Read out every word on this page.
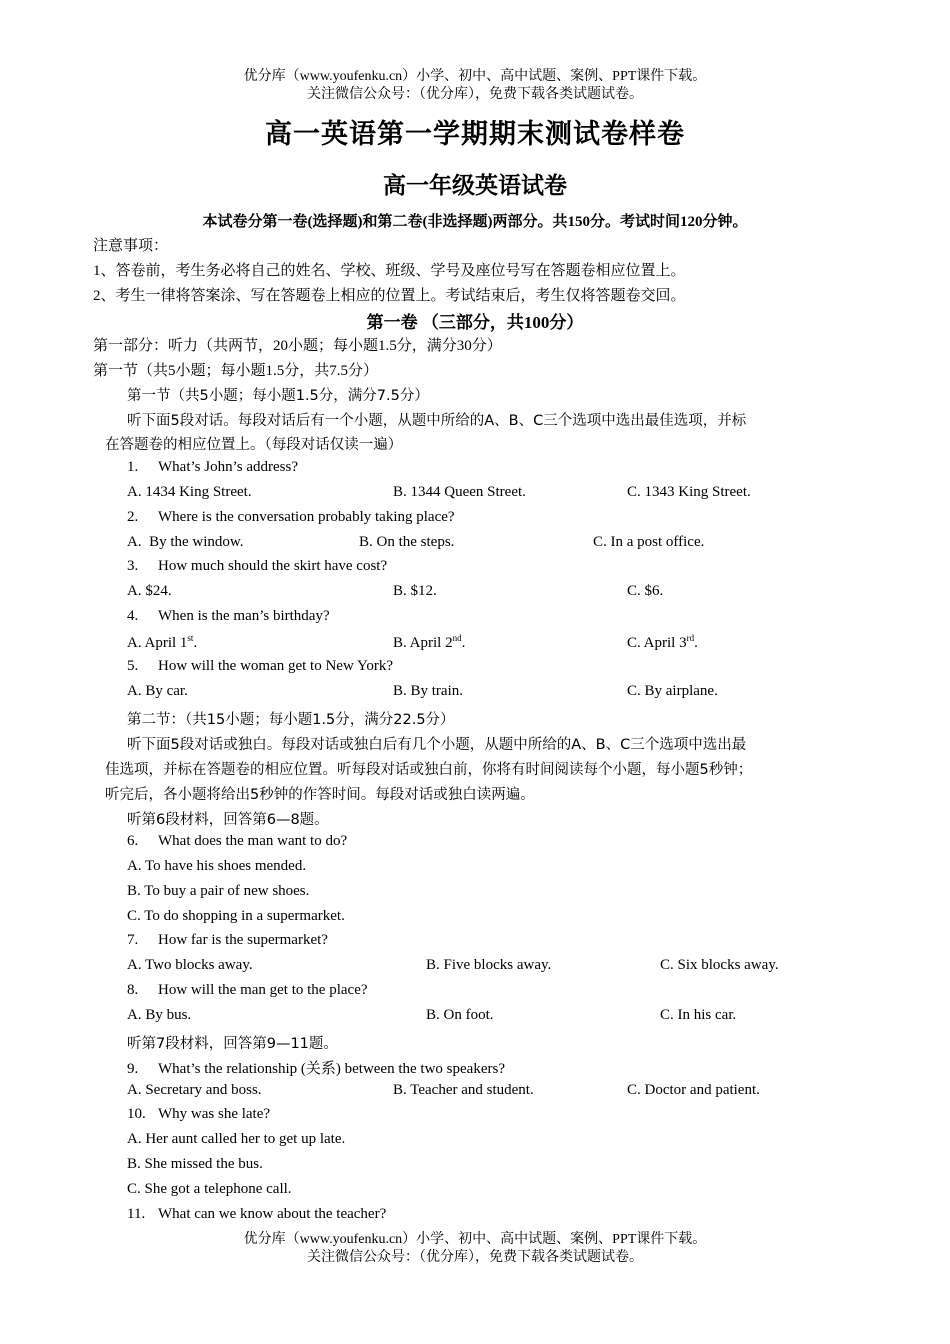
优分库（www.youfenku.cn）小学、初中、高中试题、案例、PPT课件下载。
关注微信公众号：（优分库），免费下载各类试题试卷。
高一英语第一学期期末测试卷样卷
高一年级英语试卷
本试卷分第一卷(选择题)和第二卷(非选择题)两部分。共150分。考试时间120分钟。
注意事项：
1、答卷前，考生务必将自己的姓名、学校、班级、学号及座位号写在答题卷相应位置上。
2、考生一律将答案涂、写在答题卷上相应的位置上。考试结束后，考生仅将答题卷交回。
第一卷 （三部分，共100分）
第一部分：听力（共两节，20小题；每小题1.5分，满分30分）
第一节（共5小题；每小题1.5分，共7.5分）
第一节（共5小题；每小题1.5分，满分7.5分）
听下面5段对话。每段对话后有一个小题，从题中所给的A、B、C三个选项中选出最佳选项，并标
在答题卷的相应位置上。（每段对话仅读一遍）
1. What’s John’s address?
A. 1434 King Street.	B. 1344 Queen Street.	C. 1343 King Street.
2. Where is the conversation probably taking place?
A.  By the window.	B. On the steps.	C. In a post office.
3. How much should the skirt have cost?
A. $24.	B. $12.	C. $6.
4. When is the man’s birthday?
A. April 1st.	B. April 2nd.	C. April 3rd.
5. How will the woman get to New York?
A. By car.	B. By train.	C. By airplane.
第二节：（共15小题；每小题1.5分，满分22.5分）
听下面5段对话或独白。每段对话或独白后有几个小题，从题中所给的A、B、C三个选项中选出最
佳选项，并标在答题卷的相应位置。听每段对话或独白前，你将有时间阅读每个小题，每小题5秒钟；
听完后，各小题将给出5秒钟的作答时间。每段对话或独白读两遍。
听第6段材料，回答第6—8题。
6. What does the man want to do?
A. To have his shoes mended.
B. To buy a pair of new shoes.
C. To do shopping in a supermarket.
7. How far is the supermarket?
A. Two blocks away.	B. Five blocks away.	C. Six blocks away.
8. How will the man get to the place?
A. By bus.	B. On foot.	C. In his car.
听第7段材料，回答第9—11题。
9. What’s the relationship (关系) between the two speakers?
A. Secretary and boss.	B. Teacher and student.	C. Doctor and patient.
10. Why was she late?
A. Her aunt called her to get up late.
B. She missed the bus.
C. She got a telephone call.
11. What can we know about the teacher?
优分库（www.youfenku.cn）小学、初中、高中试题、案例、PPT课件下载。
关注微信公众号：（优分库），免费下载各类试题试卷。
